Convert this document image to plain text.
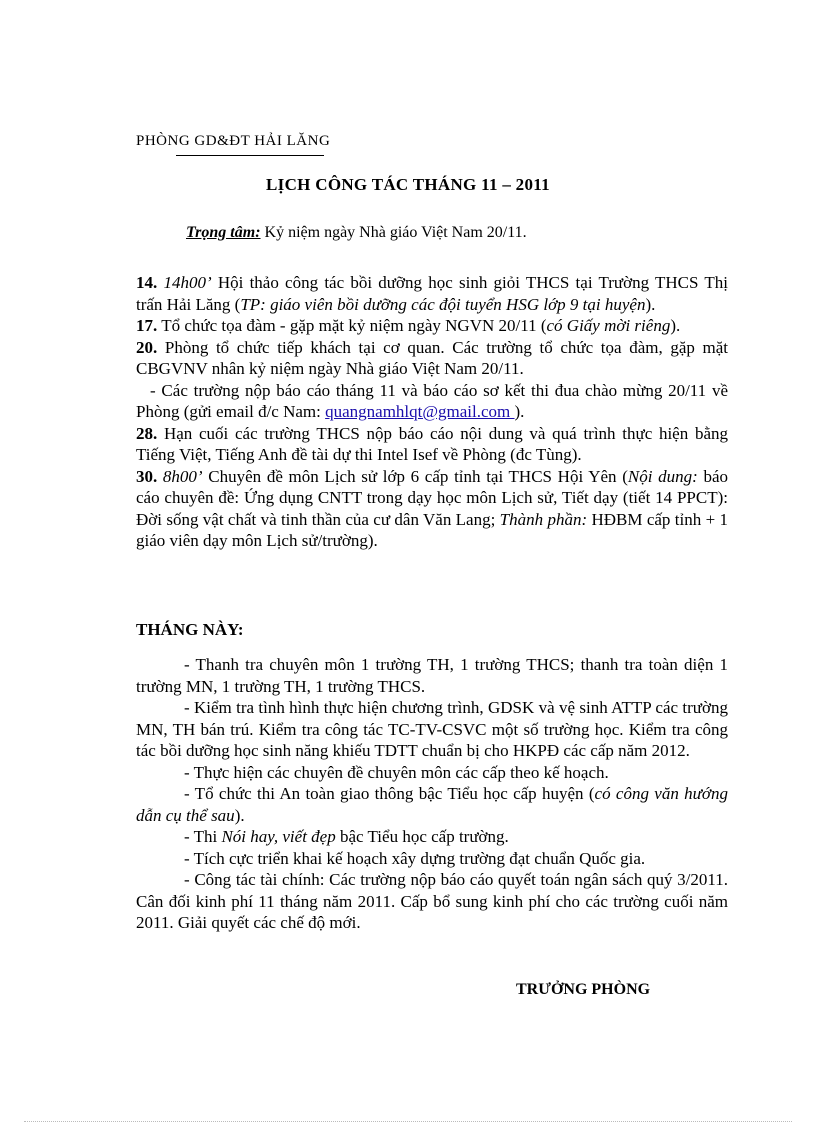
PHÒNG GD&ĐT HẢI LĂNG
LỊCH CÔNG TÁC THÁNG 11 – 2011
Trọng tâm: Kỷ niệm ngày Nhà giáo Việt Nam 20/11.

14. 14h00’ Hội thảo công tác bồi dưỡng học sinh giỏi THCS tại Trường THCS Thị trấn Hải Lăng (TP: giáo viên bồi dưỡng các đội tuyển HSG lớp 9 tại huyện).

17. Tổ chức tọa đàm - gặp mặt kỷ niệm ngày NGVN 20/11 (có Giấy mời riêng).

20. Phòng tổ chức tiếp khách tại cơ quan. Các trường tổ chức tọa đàm, gặp mặt CBGVNV nhân kỷ niệm ngày Nhà giáo Việt Nam 20/11.

- Các trường nộp báo cáo tháng 11 và báo cáo sơ kết thi đua chào mừng 20/11 về Phòng (gửi email đ/c Nam: quangnamhlqt@gmail.com ).

28. Hạn cuối các trường THCS nộp báo cáo nội dung và quá trình thực hiện bằng Tiếng Việt, Tiếng Anh đề tài dự thi Intel Isef về Phòng (đc Tùng).

30. 8h00’ Chuyên đề môn Lịch sử lớp 6 cấp tỉnh tại THCS Hội Yên (Nội dung: báo cáo chuyên đề: Ứng dụng CNTT trong dạy học môn Lịch sử, Tiết dạy (tiết 14 PPCT): Đời sống vật chất và tinh thần của cư dân Văn Lang; Thành phần: HĐBM cấp tỉnh + 1 giáo viên dạy môn Lịch sử/trường).

THÁNG NÀY:

- Thanh tra chuyên môn 1 trường TH, 1 trường THCS; thanh tra toàn diện 1 trường MN, 1 trường TH, 1 trường THCS.

- Kiểm tra tình hình thực hiện chương trình, GDSK và vệ sinh ATTP các trường MN, TH bán trú. Kiểm tra công tác TC-TV-CSVC một số trường học. Kiểm tra công tác bồi dưỡng học sinh năng khiếu TDTT chuẩn bị cho HKPĐ các cấp năm 2012.

- Thực hiện các chuyên đề chuyên môn các cấp theo kế hoạch.

- Tổ chức thi An toàn giao thông bậc Tiểu học cấp huyện (có công văn hướng dẫn cụ thể sau).

- Thi Nói hay, viết đẹp bậc Tiểu học cấp trường.

- Tích cực triển khai kế hoạch xây dựng trường đạt chuẩn Quốc gia.

- Công tác tài chính: Các trường nộp báo cáo quyết toán ngân sách quý 3/2011. Cân đối kinh phí 11 tháng năm 2011. Cấp bổ sung kinh phí cho các trường cuối năm 2011. Giải quyết các chế độ mới.

TRƯỞNG PHÒNG
